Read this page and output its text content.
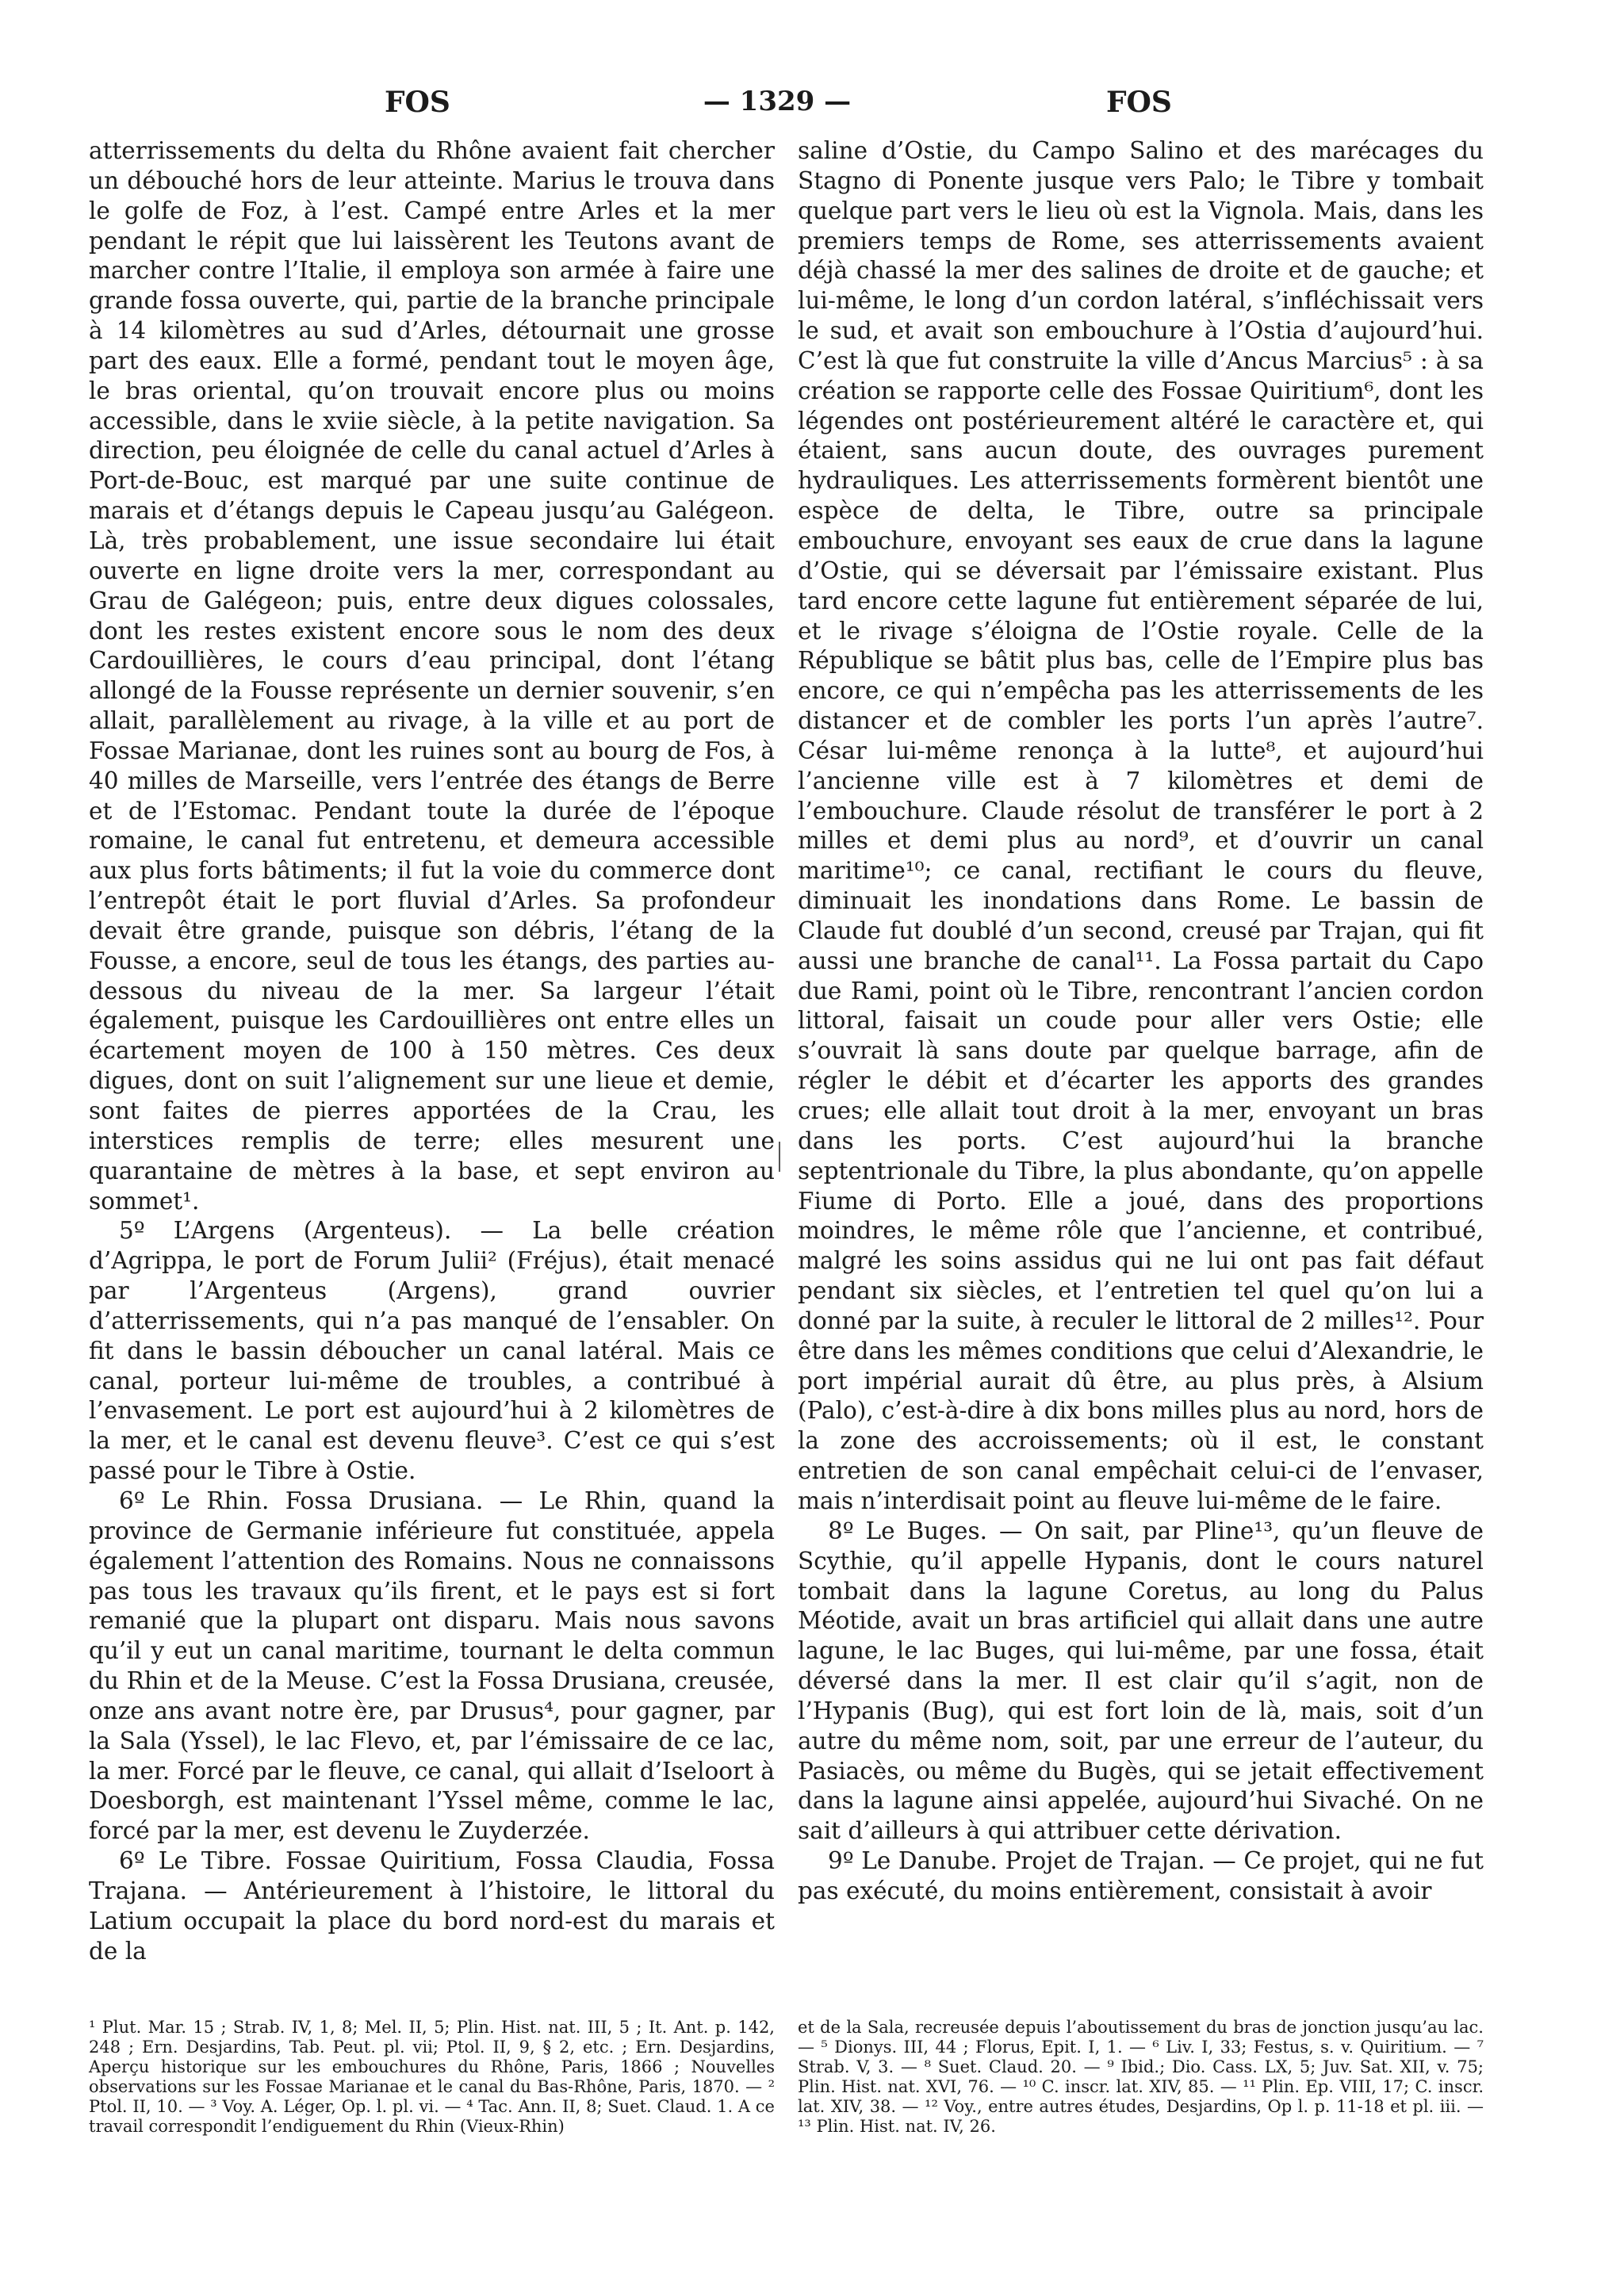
FOS	— 1329 —	FOS

atterrissements du delta du Rhône avaient fait chercher un débouché hors de leur atteinte. Marius le trouva dans le golfe de Foz, à l’est. Campé entre Arles et la mer pendant le répit que lui laissèrent les Teutons avant de marcher contre l’Italie, il employa son armée à faire une grande fossa ouverte, qui, partie de la branche principale à 14 kilomètres au sud d’Arles, détournait une grosse part des eaux. Elle a formé, pendant tout le moyen âge, le bras oriental, qu’on trouvait encore plus ou moins accessible, dans le xviie siècle, à la petite navigation. Sa direction, peu éloignée de celle du canal actuel d’Arles à Port-de-Bouc, est marqué par une suite continue de marais et d’étangs depuis le Capeau jusqu’au Galégeon. Là, très probablement, une issue secondaire lui était ouverte en ligne droite vers la mer, correspondant au Grau de Galégeon; puis, entre deux digues colossales, dont les restes existent encore sous le nom des deux Cardouillières, le cours d’eau principal, dont l’étang allongé de la Fousse représente un dernier souvenir, s’en allait, parallèlement au rivage, à la ville et au port de Fossae Marianae, dont les ruines sont au bourg de Fos, à 40 milles de Marseille, vers l’entrée des étangs de Berre et de l’Estomac. Pendant toute la durée de l’époque romaine, le canal fut entretenu, et demeura accessible aux plus forts bâtiments; il fut la voie du commerce dont l’entrepôt était le port fluvial d’Arles. Sa profondeur devait être grande, puisque son débris, l’étang de la Fousse, a encore, seul de tous les étangs, des parties au-dessous du niveau de la mer. Sa largeur l’était également, puisque les Cardouillières ont entre elles un écartement moyen de 100 à 150 mètres. Ces deux digues, dont on suit l’alignement sur une lieue et demie, sont faites de pierres apportées de la Crau, les interstices remplis de terre; elles mesurent une quarantaine de mètres à la base, et sept environ au sommet¹.

5º L’Argens (Argenteus). — La belle création d’Agrippa, le port de Forum Julii² (Fréjus), était menacé par l’Argenteus (Argens), grand ouvrier d’atterrissements, qui n’a pas manqué de l’ensabler. On fit dans le bassin déboucher un canal latéral. Mais ce canal, porteur lui-même de troubles, a contribué à l’envasement. Le port est aujourd’hui à 2 kilomètres de la mer, et le canal est devenu fleuve³. C’est ce qui s’est passé pour le Tibre à Ostie.

6º Le Rhin. Fossa Drusiana. — Le Rhin, quand la province de Germanie inférieure fut constituée, appela également l’attention des Romains. Nous ne connaissons pas tous les travaux qu’ils firent, et le pays est si fort remanié que la plupart ont disparu. Mais nous savons qu’il y eut un canal maritime, tournant le delta commun du Rhin et de la Meuse. C’est la Fossa Drusiana, creusée, onze ans avant notre ère, par Drusus⁴, pour gagner, par la Sala (Yssel), le lac Flevo, et, par l’émissaire de ce lac, la mer. Forcé par le fleuve, ce canal, qui allait d’Iseloort à Doesborgh, est maintenant l’Yssel même, comme le lac, forcé par la mer, est devenu le Zuyderzée.

6º Le Tibre. Fossae Quiritium, Fossa Claudia, Fossa Trajana. — Antérieurement à l’histoire, le littoral du Latium occupait la place du bord nord-est du marais et de la

saline d’Ostie, du Campo Salino et des marécages du Stagno di Ponente jusque vers Palo; le Tibre y tombait quelque part vers le lieu où est la Vignola. Mais, dans les premiers temps de Rome, ses atterrissements avaient déjà chassé la mer des salines de droite et de gauche; et lui-même, le long d’un cordon latéral, s’infléchissait vers le sud, et avait son embouchure à l’Ostia d’aujourd’hui. C’est là que fut construite la ville d’Ancus Marcius⁵ : à sa création se rapporte celle des Fossae Quiritium⁶, dont les légendes ont postérieurement altéré le caractère et, qui étaient, sans aucun doute, des ouvrages purement hydrauliques. Les atterrissements formèrent bientôt une espèce de delta, le Tibre, outre sa principale embouchure, envoyant ses eaux de crue dans la lagune d’Ostie, qui se déversait par l’émissaire existant. Plus tard encore cette lagune fut entièrement séparée de lui, et le rivage s’éloigna de l’Ostie royale. Celle de la République se bâtit plus bas, celle de l’Empire plus bas encore, ce qui n’empêcha pas les atterrissements de les distancer et de combler les ports l’un après l’autre⁷. César lui-même renonça à la lutte⁸, et aujourd’hui l’ancienne ville est à 7 kilomètres et demi de l’embouchure. Claude résolut de transférer le port à 2 milles et demi plus au nord⁹, et d’ouvrir un canal maritime¹⁰; ce canal, rectifiant le cours du fleuve, diminuait les inondations dans Rome. Le bassin de Claude fut doublé d’un second, creusé par Trajan, qui fit aussi une branche de canal¹¹. La Fossa partait du Capo due Rami, point où le Tibre, rencontrant l’ancien cordon littoral, faisait un coude pour aller vers Ostie; elle s’ouvrait là sans doute par quelque barrage, afin de régler le débit et d’écarter les apports des grandes crues; elle allait tout droit à la mer, envoyant un bras dans les ports. C’est aujourd’hui la branche septentrionale du Tibre, la plus abondante, qu’on appelle Fiume di Porto. Elle a joué, dans des proportions moindres, le même rôle que l’ancienne, et contribué, malgré les soins assidus qui ne lui ont pas fait défaut pendant six siècles, et l’entretien tel quel qu’on lui a donné par la suite, à reculer le littoral de 2 milles¹². Pour être dans les mêmes conditions que celui d’Alexandrie, le port impérial aurait dû être, au plus près, à Alsium (Palo), c’est-à-dire à dix bons milles plus au nord, hors de la zone des accroissements; où il est, le constant entretien de son canal empêchait celui-ci de l’envaser, mais n’interdisait point au fleuve lui-même de le faire.

8º Le Buges. — On sait, par Pline¹³, qu’un fleuve de Scythie, qu’il appelle Hypanis, dont le cours naturel tombait dans la lagune Coretus, au long du Palus Méotide, avait un bras artificiel qui allait dans une autre lagune, le lac Buges, qui lui-même, par une fossa, était déversé dans la mer. Il est clair qu’il s’agit, non de l’Hypanis (Bug), qui est fort loin de là, mais, soit d’un autre du même nom, soit, par une erreur de l’auteur, du Pasiacès, ou même du Bugès, qui se jetait effectivement dans la lagune ainsi appelée, aujourd’hui Sivaché. On ne sait d’ailleurs à qui attribuer cette dérivation.

9º Le Danube. Projet de Trajan. — Ce projet, qui ne fut pas exécuté, du moins entièrement, consistait à avoir

¹ Plut. Mar. 15 ; Strab. IV, 1, 8; Mel. II, 5; Plin. Hist. nat. III, 5 ; It. Ant. p. 142, 248 ; Ern. Desjardins, Tab. Peut. pl. vii; Ptol. II, 9, § 2, etc. ; Ern. Desjardins, Aperçu historique sur les embouchures du Rhône, Paris, 1866 ; Nouvelles observations sur les Fossae Marianae et le canal du Bas-Rhône, Paris, 1870. — ² Ptol. II, 10. — ³ Voy. A. Léger, Op. l. pl. vi. — ⁴ Tac. Ann. II, 8; Suet. Claud. 1. A ce travail correspondit l’endiguement du Rhin (Vieux-Rhin)
et de la Sala, recreusée depuis l’aboutissement du bras de jonction jusqu’au lac. — ⁵ Dionys. III, 44 ; Florus, Epit. I, 1. — ⁶ Liv. I, 33; Festus, s. v. Quiritium. — ⁷ Strab. V, 3. — ⁸ Suet. Claud. 20. — ⁹ Ibid.; Dio. Cass. LX, 5; Juv. Sat. XII, v. 75; Plin. Hist. nat. XVI, 76. — ¹⁰ C. inscr. lat. XIV, 85. — ¹¹ Plin. Ep. VIII, 17; C. inscr. lat. XIV, 38. — ¹² Voy., entre autres études, Desjardins, Op l. p. 11-18 et pl. iii. — ¹³ Plin. Hist. nat. IV, 26.
